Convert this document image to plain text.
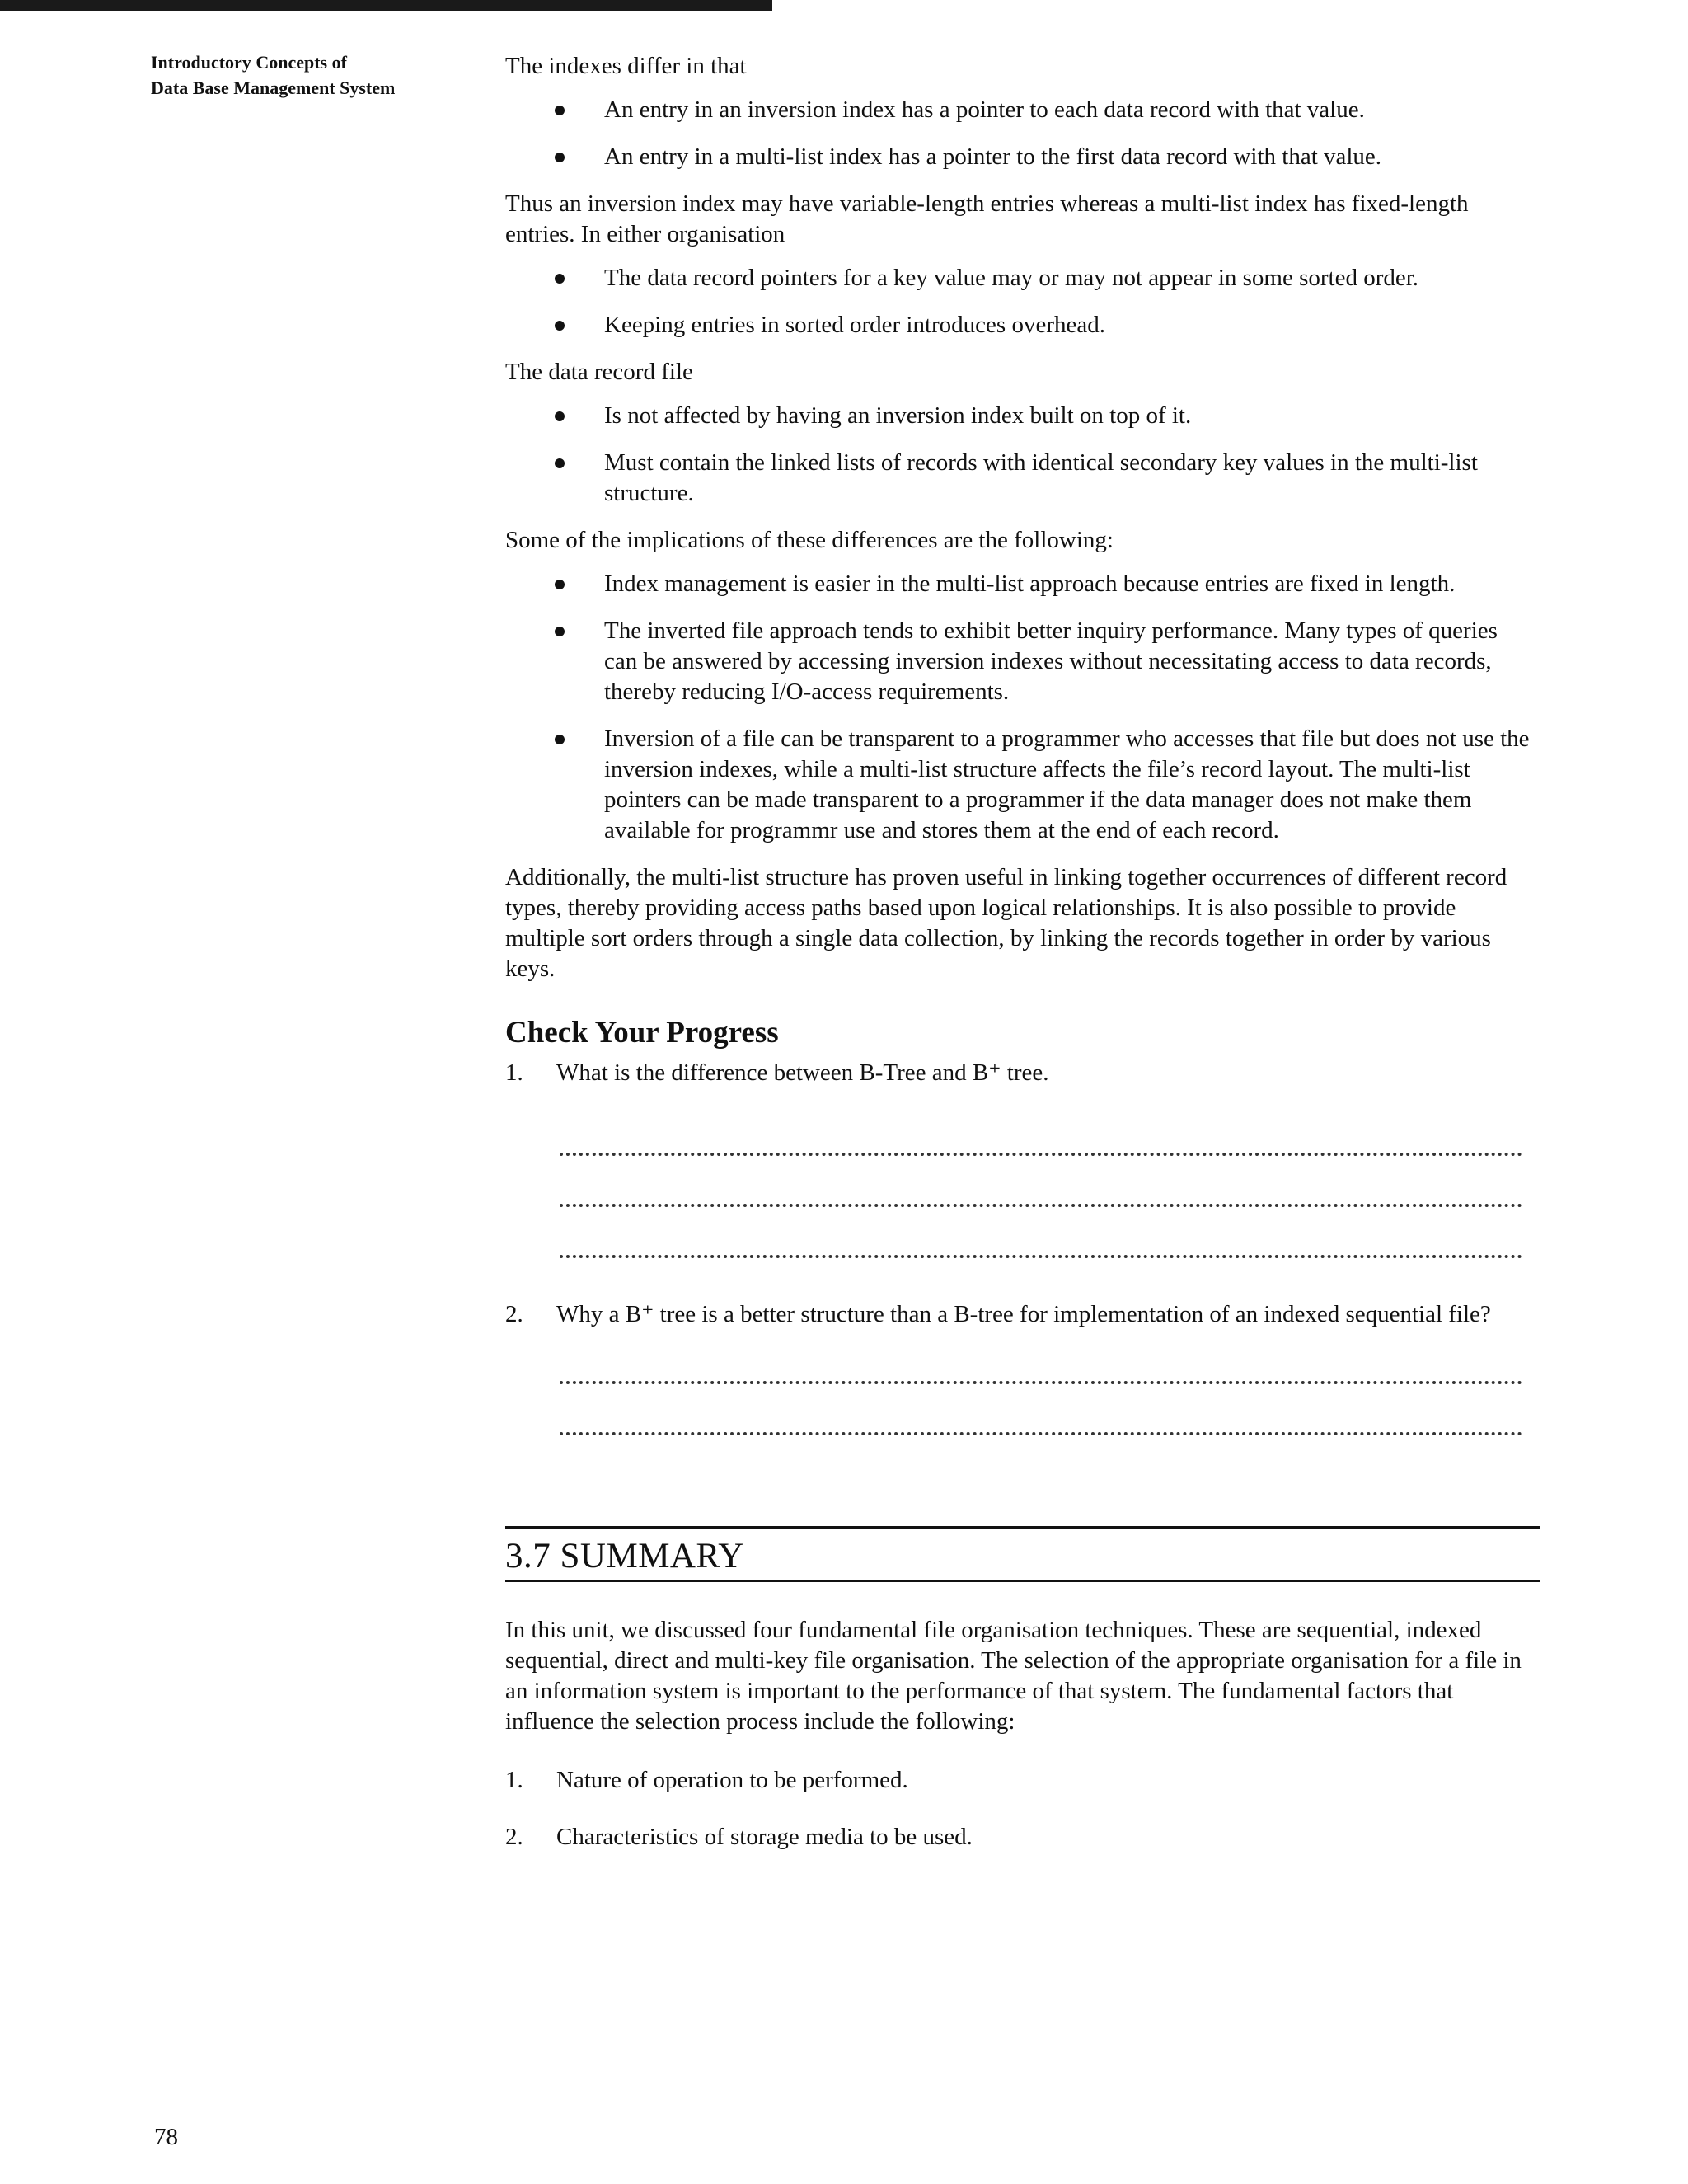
Introductory Concepts of
Data Base Management System

The indexes differ in that

An entry in an inversion index has a pointer to each data record with that value.
An entry in a multi-list index has a pointer to the first data record with that value.

Thus an inversion index may have variable-length entries whereas a multi-list index has fixed-length entries. In either organisation

The data record pointers for a key value may or may not appear in some sorted order.
Keeping entries in sorted order introduces overhead.

The data record file

Is not affected by having an inversion index built on top of it.
Must contain the linked lists of records with identical secondary key values in the multi-list structure.

Some of the implications of these differences are the following:

Index management is easier in the multi-list approach because entries are fixed in length.
The inverted file approach tends to exhibit better inquiry performance. Many types of queries can be answered by accessing inversion indexes without necessitating access to data records, thereby reducing I/O-access requirements.
Inversion of a file can be transparent to a programmer who accesses that file but does not use the inversion indexes, while a multi-list structure affects the file’s record layout. The multi-list pointers can be made transparent to a programmer if the data manager does not make them available for programmr use and stores them at the end of each record.

Additionally, the multi-list structure has proven useful in linking together occurrences of different record types, thereby providing access paths based upon logical relationships. It is also possible to provide multiple sort orders through a single data collection, by linking the records together in order by various keys.

Check Your Progress

1.	What is the difference between B-Tree and B⁺ tree.
2.	Why a B⁺ tree is a better structure than a B-tree for implementation of an indexed sequential file?

3.7 SUMMARY

In this unit, we discussed four fundamental file organisation techniques. These are sequential, indexed sequential, direct and multi-key file organisation. The selection of the appropriate organisation for a file in an information system is important to the performance of that system. The fundamental factors that influence the selection process include the following:

1.	Nature of operation to be performed.
2.	Characteristics of storage media to be used.
78
